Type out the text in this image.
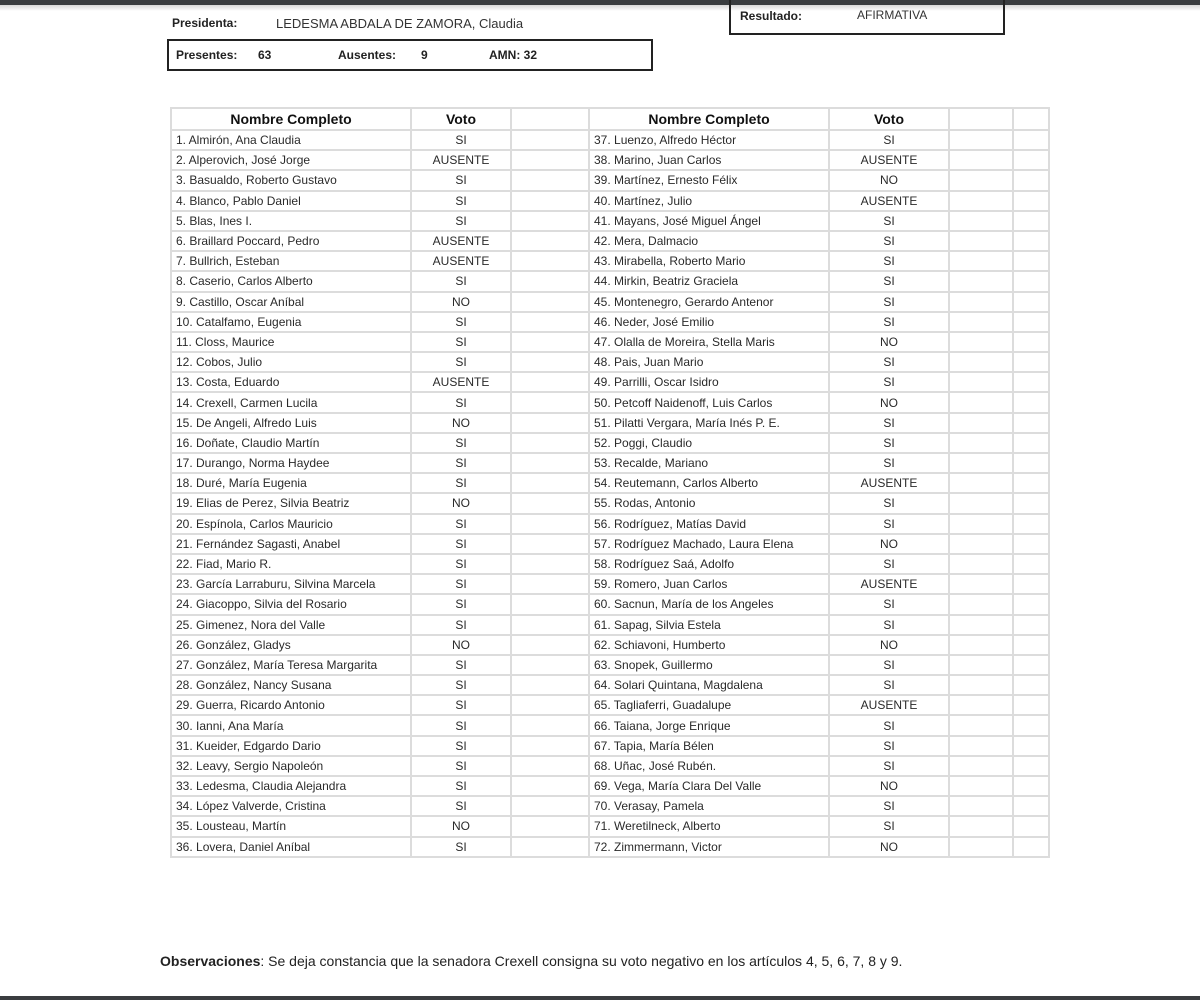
Presidenta:	LEDESMA ABDALA DE ZAMORA, Claudia	Resultado:	AFIRMATIVA
Presentes: 63	Ausentes: 9	AMN: 32
Nombre Completo	Voto		Nombre Completo	Voto		
1. Almirón, Ana Claudia	SI		37. Luenzo, Alfredo Héctor	SI		
2. Alperovich, José Jorge	AUSENTE		38. Marino, Juan Carlos	AUSENTE		
3. Basualdo, Roberto Gustavo	SI		39. Martínez, Ernesto Félix	NO		
4. Blanco, Pablo Daniel	SI		40. Martínez, Julio	AUSENTE		
5. Blas, Ines I.	SI		41. Mayans, José Miguel Ángel	SI		
6. Braillard Poccard, Pedro	AUSENTE		42. Mera, Dalmacio	SI		
7. Bullrich, Esteban	AUSENTE		43. Mirabella, Roberto Mario	SI		
8. Caserio, Carlos Alberto	SI		44. Mirkin, Beatriz Graciela	SI		
9. Castillo, Oscar Aníbal	NO		45. Montenegro, Gerardo Antenor	SI		
10. Catalfamo, Eugenia	SI		46. Neder, José Emilio	SI		
11. Closs, Maurice	SI		47. Olalla de Moreira, Stella Maris	NO		
12. Cobos, Julio	SI		48. Pais, Juan Mario	SI		
13. Costa, Eduardo	AUSENTE		49. Parrilli, Oscar Isidro	SI		
14. Crexell, Carmen Lucila	SI		50. Petcoff Naidenoff, Luis Carlos	NO		
15. De Angeli, Alfredo Luis	NO		51. Pilatti Vergara, María Inés P. E.	SI		
16. Doñate, Claudio Martín	SI		52. Poggi, Claudio	SI		
17. Durango, Norma Haydee	SI		53. Recalde, Mariano	SI		
18. Duré, María Eugenia	SI		54. Reutemann, Carlos Alberto	AUSENTE		
19. Elias de Perez, Silvia Beatriz	NO		55. Rodas, Antonio	SI		
20. Espínola, Carlos Mauricio	SI		56. Rodríguez, Matías David	SI		
21. Fernández Sagasti, Anabel	SI		57. Rodríguez Machado, Laura Elena	NO		
22. Fiad, Mario R.	SI		58. Rodríguez Saá, Adolfo	SI		
23. García Larraburu, Silvina Marcela	SI		59. Romero, Juan Carlos	AUSENTE		
24. Giacoppo, Silvia del Rosario	SI		60. Sacnun, María de los Angeles	SI		
25. Gimenez, Nora del Valle	SI		61. Sapag, Silvia Estela	SI		
26. González, Gladys	NO		62. Schiavoni, Humberto	NO		
27. González, María Teresa Margarita	SI		63. Snopek, Guillermo	SI		
28. González, Nancy Susana	SI		64. Solari Quintana, Magdalena	SI		
29. Guerra, Ricardo Antonio	SI		65. Tagliaferri, Guadalupe	AUSENTE		
30. Ianni, Ana María	SI		66. Taiana, Jorge Enrique	SI		
31. Kueider, Edgardo Dario	SI		67. Tapia, María Bélen	SI		
32. Leavy, Sergio Napoleón	SI		68. Uñac, José Rubén.	SI		
33. Ledesma, Claudia Alejandra	SI		69. Vega, María Clara Del Valle	NO		
34. López Valverde, Cristina	SI		70. Verasay, Pamela	SI		
35. Lousteau, Martín	NO		71. Weretilneck, Alberto	SI		
36. Lovera, Daniel Aníbal	SI		72. Zimmermann, Victor	NO		
Observaciones: Se deja constancia que la senadora Crexell consigna su voto negativo en los artículos 4, 5, 6, 7, 8 y 9.
